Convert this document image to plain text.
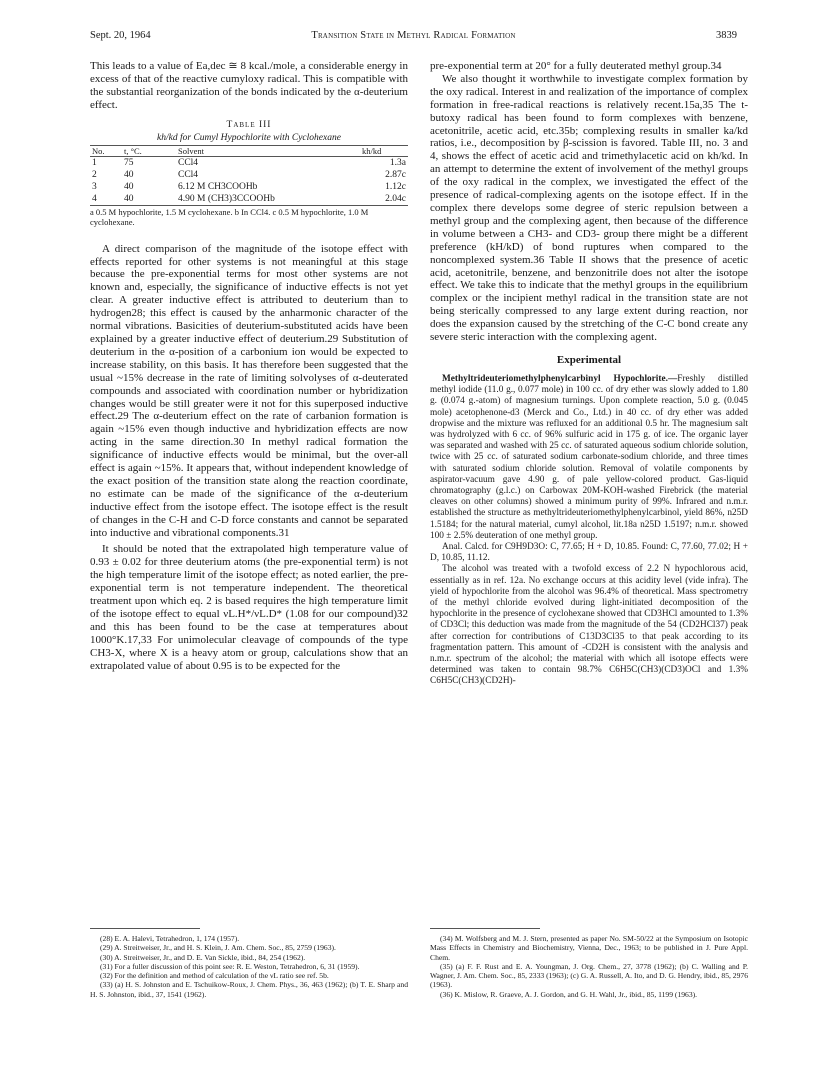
Sept. 20, 1964	Transition State in Methyl Radical Formation	3839

This leads to a value of Ea,dec ≅ 8 kcal./mole, a considerable energy in excess of that of the reactive cumyloxy radical. This is compatible with the substantial reorganization of the bonds indicated by the α-deuterium effect.

Table III
kh/kd for Cumyl Hypochlorite with Cyclohexane
No.	t, °C.	Solvent	kh/kd
1	75	CCl4	1.3a
2	40	CCl4	2.87c
3	40	6.12 M CH3COOHb	1.12c
4	40	4.90 M (CH3)3CCOOHb	2.04c
a 0.5 M hypochlorite, 1.5 M cyclohexane. b In CCl4. c 0.5 M hypochlorite, 1.0 M cyclohexane.

A direct comparison of the magnitude of the isotope effect with effects reported for other systems is not meaningful at this stage because the pre-exponential terms for most other systems are not known and, especially, the significance of inductive effects is not yet clear. A greater inductive effect is attributed to deuterium than to hydrogen28; this effect is caused by the anharmonic character of the normal vibrations. Basicities of deuterium-substituted acids have been explained by a greater inductive effect of deuterium.29 Substitution of deuterium in the α-position of a carbonium ion would be expected to increase stability, on this basis. It has therefore been suggested that the usual ~15% decrease in the rate of limiting solvolyses of α-deuterated compounds and associated with coordination number or hybridization changes would be still greater were it not for this superposed inductive effect.29 The α-deuterium effect on the rate of carbanion formation is again ~15% even though inductive and hybridization effects are now acting in the same direction.30 In methyl radical formation the significance of inductive effects would be minimal, but the over-all effect is again ~15%. It appears that, without independent knowledge of the exact position of the transition state along the reaction coordinate, no estimate can be made of the significance of the α-deuterium inductive effect from the isotope effect. The isotope effect is the result of changes in the C-H and C-D force constants and cannot be separated into inductive and vibrational components.31

It should be noted that the extrapolated high temperature value of 0.93 ± 0.02 for three deuterium atoms (the pre-exponential term) is not the high temperature limit of the isotope effect; as noted earlier, the pre-exponential term is not temperature independent. The theoretical treatment upon which eq. 2 is based requires the high temperature limit of the isotope effect to equal νL.H*/νL.D* (1.08 for our compound)32 and this has been found to be the case at temperatures about 1000°K.17,33 For unimolecular cleavage of compounds of the type CH3-X, where X is a heavy atom or group, calculations show that an extrapolated value of about 0.95 is to be expected for the

pre-exponential term at 20° for a fully deuterated methyl group.34

We also thought it worthwhile to investigate complex formation by the oxy radical. Interest in and realization of the importance of complex formation in free-radical reactions is relatively recent.15a,35 The t-butoxy radical has been found to form complexes with benzene, acetonitrile, acetic acid, etc.35b; complexing results in smaller ka/kd ratios, i.e., decomposition by β-scission is favored. Table III, no. 3 and 4, shows the effect of acetic acid and trimethylacetic acid on kh/kd. In an attempt to determine the extent of involvement of the methyl groups of the oxy radical in the complex, we investigated the effect of the presence of radical-complexing agents on the isotope effect. If in the complex there develops some degree of steric repulsion between a methyl group and the complexing agent, then because of the difference in volume between a CH3- and CD3- group there might be a different preference (kH/kD) of bond ruptures when compared to the noncomplexed system.36 Table II shows that the presence of acetic acid, acetonitrile, benzene, and benzonitrile does not alter the isotope effect. We take this to indicate that the methyl groups in the equilibrium complex or the incipient methyl radical in the transition state are not being sterically compressed to any large extent during reaction, nor does the expansion caused by the stretching of the C-C bond create any severe steric interaction with the complexing agent.

Experimental

Methyltrideuteriomethylphenylcarbinyl Hypochlorite.—Freshly distilled methyl iodide (11.0 g., 0.077 mole) in 100 cc. of dry ether was slowly added to 1.80 g. (0.074 g.-atom) of magnesium turnings. Upon complete reaction, 5.0 g. (0.045 mole) acetophenone-d3 (Merck and Co., Ltd.) in 40 cc. of dry ether was added dropwise and the mixture was refluxed for an additional 0.5 hr. The magnesium salt was hydrolyzed with 6 cc. of 96% sulfuric acid in 175 g. of ice. The organic layer was separated and washed with 25 cc. of saturated aqueous sodium chloride solution, twice with 25 cc. of saturated sodium carbonate-sodium chloride, and three times with saturated sodium chloride solution. Removal of volatile components by aspirator-vacuum gave 4.90 g. of pale yellow-colored product. Gas-liquid chromatography (g.l.c.) on Carbowax 20M-KOH-washed Firebrick (the material cleaves on other columns) showed a minimum purity of 99%. Infrared and n.m.r. established the structure as methyltrideuteriomethylphenylcarbinol, yield 86%, n25D 1.5184; for the natural material, cumyl alcohol, lit.18a n25D 1.5197; n.m.r. showed 100 ± 2.5% deuteration of one methyl group.

Anal. Calcd. for C9H9D3O: C, 77.65; H + D, 10.85. Found: C, 77.60, 77.02; H + D, 10.85, 11.12.

The alcohol was treated with a twofold excess of 2.2 N hypochlorous acid, essentially as in ref. 12a. No exchange occurs at this acidity level (vide infra). The yield of hypochlorite from the alcohol was 96.4% of theoretical. Mass spectrometry of the methyl chloride evolved during light-initiated decomposition of the hypochlorite in the presence of cyclohexane showed that CD3HCl amounted to 1.3% of CD3Cl; this deduction was made from the magnitude of the 54 (CD2HCl37) peak after correction for contributions of C13D3Cl35 to that peak according to its fragmentation pattern. This amount of -CD2H is consistent with the analysis and n.m.r. spectrum of the alcohol; the material with which all isotope effects were determined was taken to contain 98.7% C6H5C(CH3)(CD3)OCl and 1.3% C6H5C(CH3)(CD2H)-

(28) E. A. Halevi, Tetrahedron, 1, 174 (1957).

(29) A. Streitweiser, Jr., and H. S. Klein, J. Am. Chem. Soc., 85, 2759 (1963).

(30) A. Streitweiser, Jr., and D. E. Van Sickle, ibid., 84, 254 (1962).

(31) For a fuller discussion of this point see: R. E. Weston, Tetrahedron, 6, 31 (1959).

(32) For the definition and method of calculation of the νL ratio see ref. 5b.

(33) (a) H. S. Johnston and E. Tschuikow-Roux, J. Chem. Phys., 36, 463 (1962); (b) T. E. Sharp and H. S. Johnston, ibid., 37, 1541 (1962).

(34) M. Wolfsberg and M. J. Stern, presented as paper No. SM-50/22 at the Symposium on Isotopic Mass Effects in Chemistry and Biochemistry, Vienna, Dec., 1963; to be published in J. Pure Appl. Chem.

(35) (a) F. F. Rust and E. A. Youngman, J. Org. Chem., 27, 3778 (1962); (b) C. Walling and P. Wagner, J. Am. Chem. Soc., 85, 2333 (1963); (c) G. A. Russell, A. Ito, and D. G. Hendry, ibid., 85, 2976 (1963).

(36) K. Mislow, R. Graeve, A. J. Gordon, and G. H. Wahl, Jr., ibid., 85, 1199 (1963).
